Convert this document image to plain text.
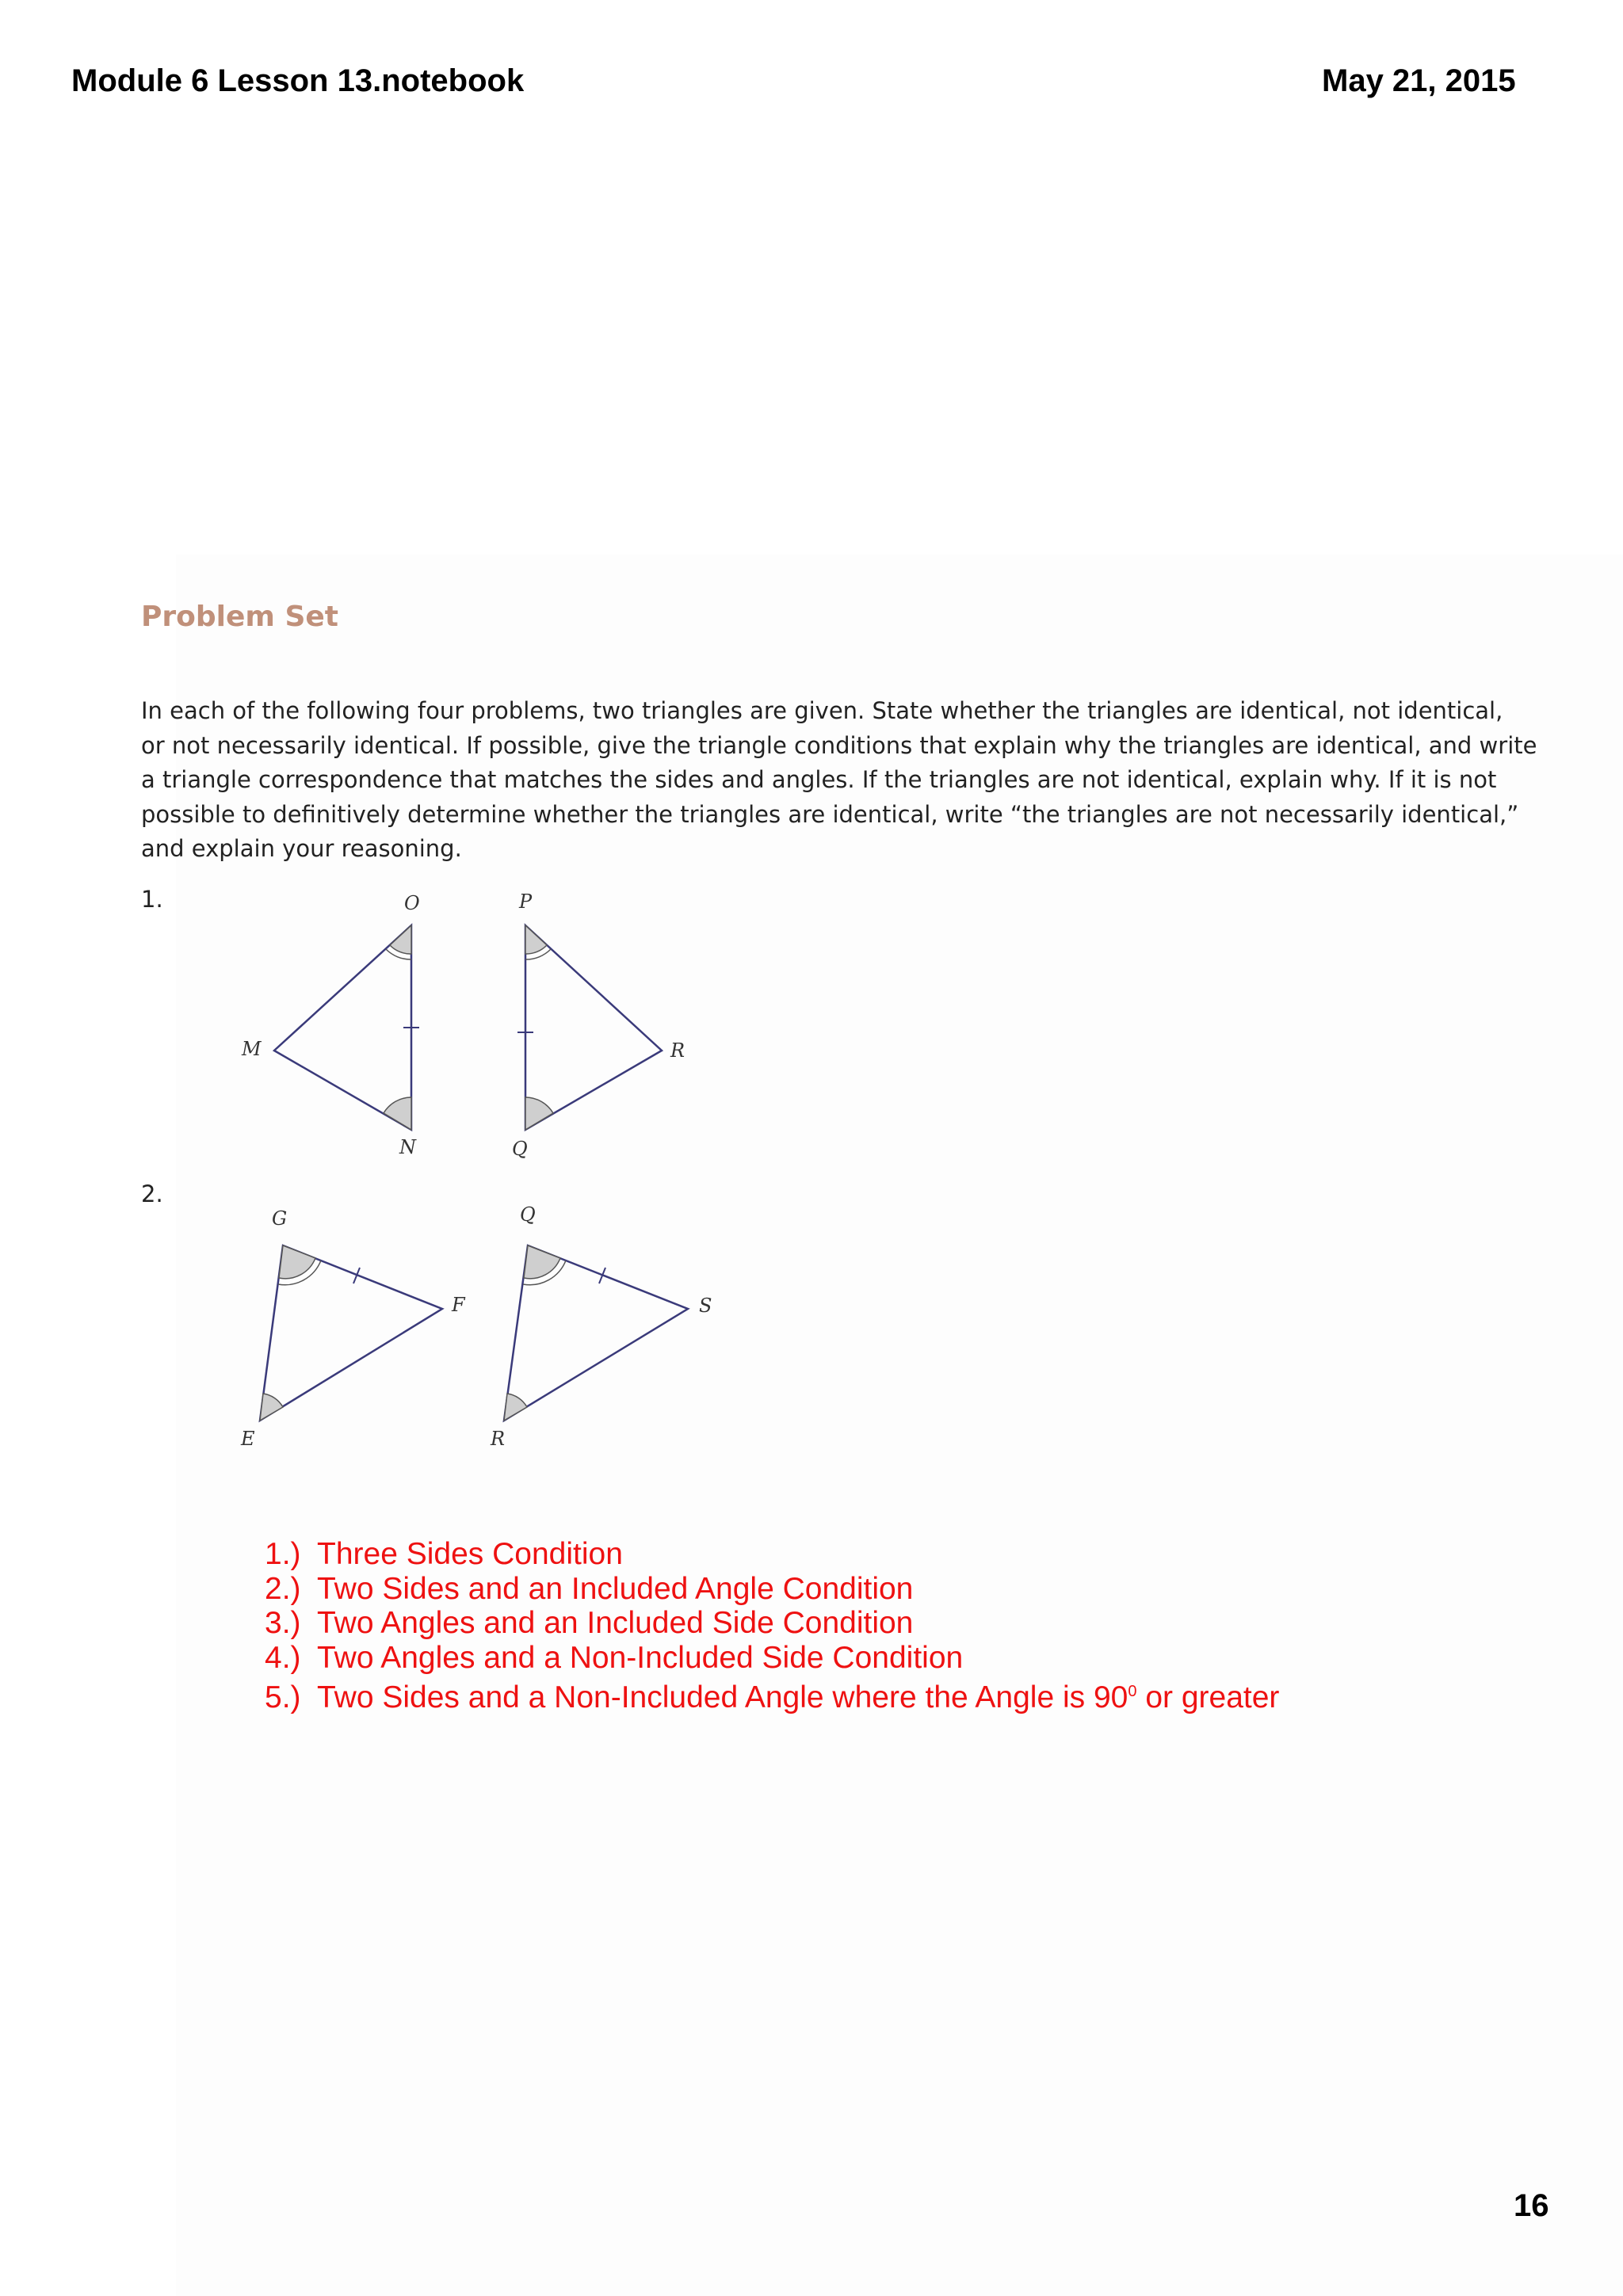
Module 6 Lesson 13.notebook	May 21, 2015
Problem Set
In each of the following four problems, two triangles are given. State whether the triangles are identical, not identical,
or not necessarily identical. If possible, give the triangle conditions that explain why the triangles are identical, and write
a triangle correspondence that matches the sides and angles. If the triangles are not identical, explain why. If it is not
possible to definitively determine whether the triangles are identical, write “the triangles are not necessarily identical,”
and explain your reasoning.
1.
2.
O
M
N
P
R
Q
G
F
E
Q
S
R
1.) Three Sides Condition
2.) Two Sides and an Included Angle Condition
3.) Two Angles and an Included Side Condition
4.) Two Angles and a Non-Included Side Condition
5.) Two Sides and a Non-Included Angle where the Angle is $90^0$ or greater
16
